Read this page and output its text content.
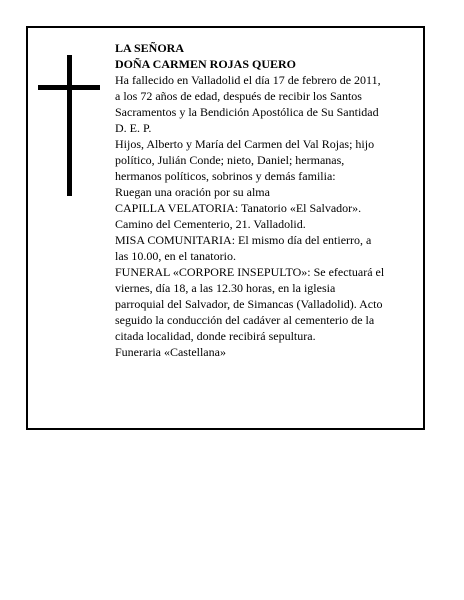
LA SEÑORA
DOÑA CARMEN ROJAS QUERO
Ha fallecido en Valladolid el día 17 de febrero de 2011,
a los 72 años de edad, después de recibir los Santos
Sacramentos y la Bendición Apostólica de Su Santidad
D. E. P.
Hijos, Alberto y María del Carmen del Val Rojas; hijo
político, Julián Conde; nieto, Daniel; hermanas,
hermanos políticos, sobrinos y demás familia:
Ruegan una oración por su alma
CAPILLA VELATORIA: Tanatorio «El Salvador».
Camino del Cementerio, 21. Valladolid.
MISA COMUNITARIA: El mismo día del entierro, a
las 10.00, en el tanatorio.
FUNERAL «CORPORE INSEPULTO»: Se efectuará el
viernes, día 18, a las 12.30 horas, en la iglesia
parroquial del Salvador, de Simancas (Valladolid). Acto
seguido la conducción del cadáver al cementerio de la
citada localidad, donde recibirá sepultura.
Funeraria «Castellana»
